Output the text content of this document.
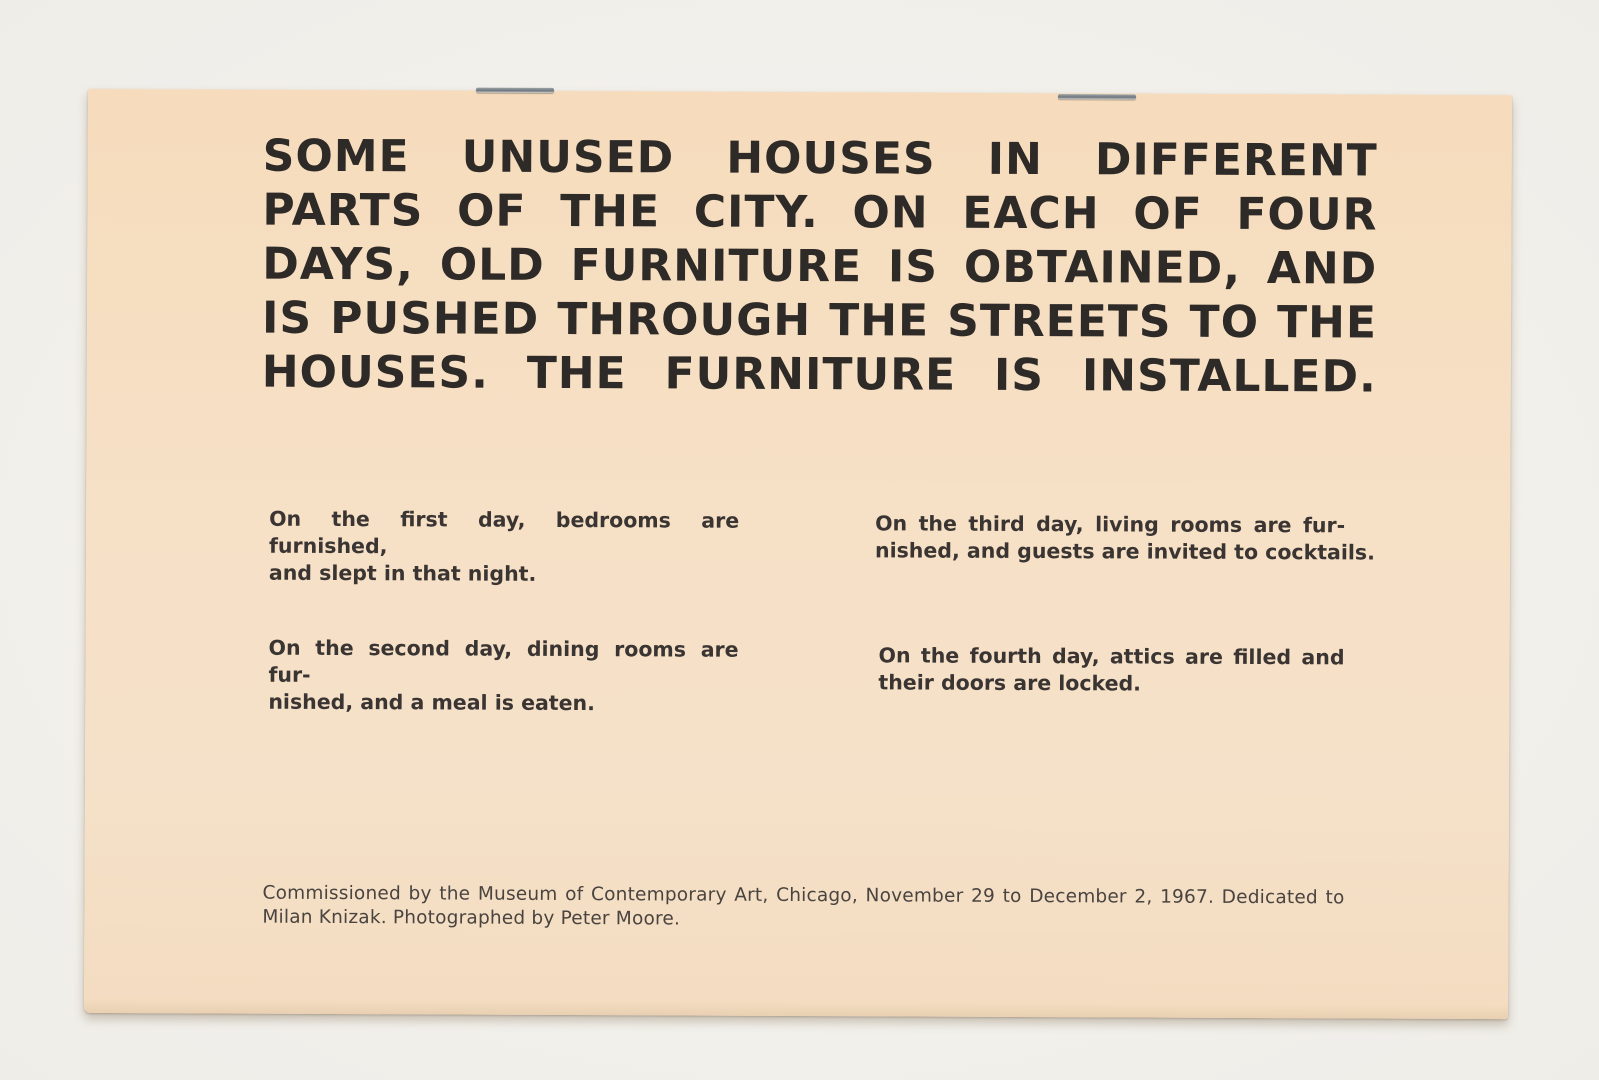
SOME UNUSED HOUSES IN DIFFERENT
PARTS OF THE CITY. ON EACH OF FOUR
DAYS, OLD FURNITURE IS OBTAINED, AND
IS PUSHED THROUGH THE STREETS TO THE
HOUSES. THE FURNITURE IS INSTALLED.

On the first day, bedrooms are furnished,
and slept in that night.

On the second day, dining rooms are fur-
nished, and a meal is eaten.

On the third day, living rooms are fur-
nished, and guests are invited to cocktails.

On the fourth day, attics are filled and
their doors are locked.

Commissioned by the Museum of Contemporary Art, Chicago, November 29 to December 2, 1967. Dedicated to
Milan Knizak. Photographed by Peter Moore.
